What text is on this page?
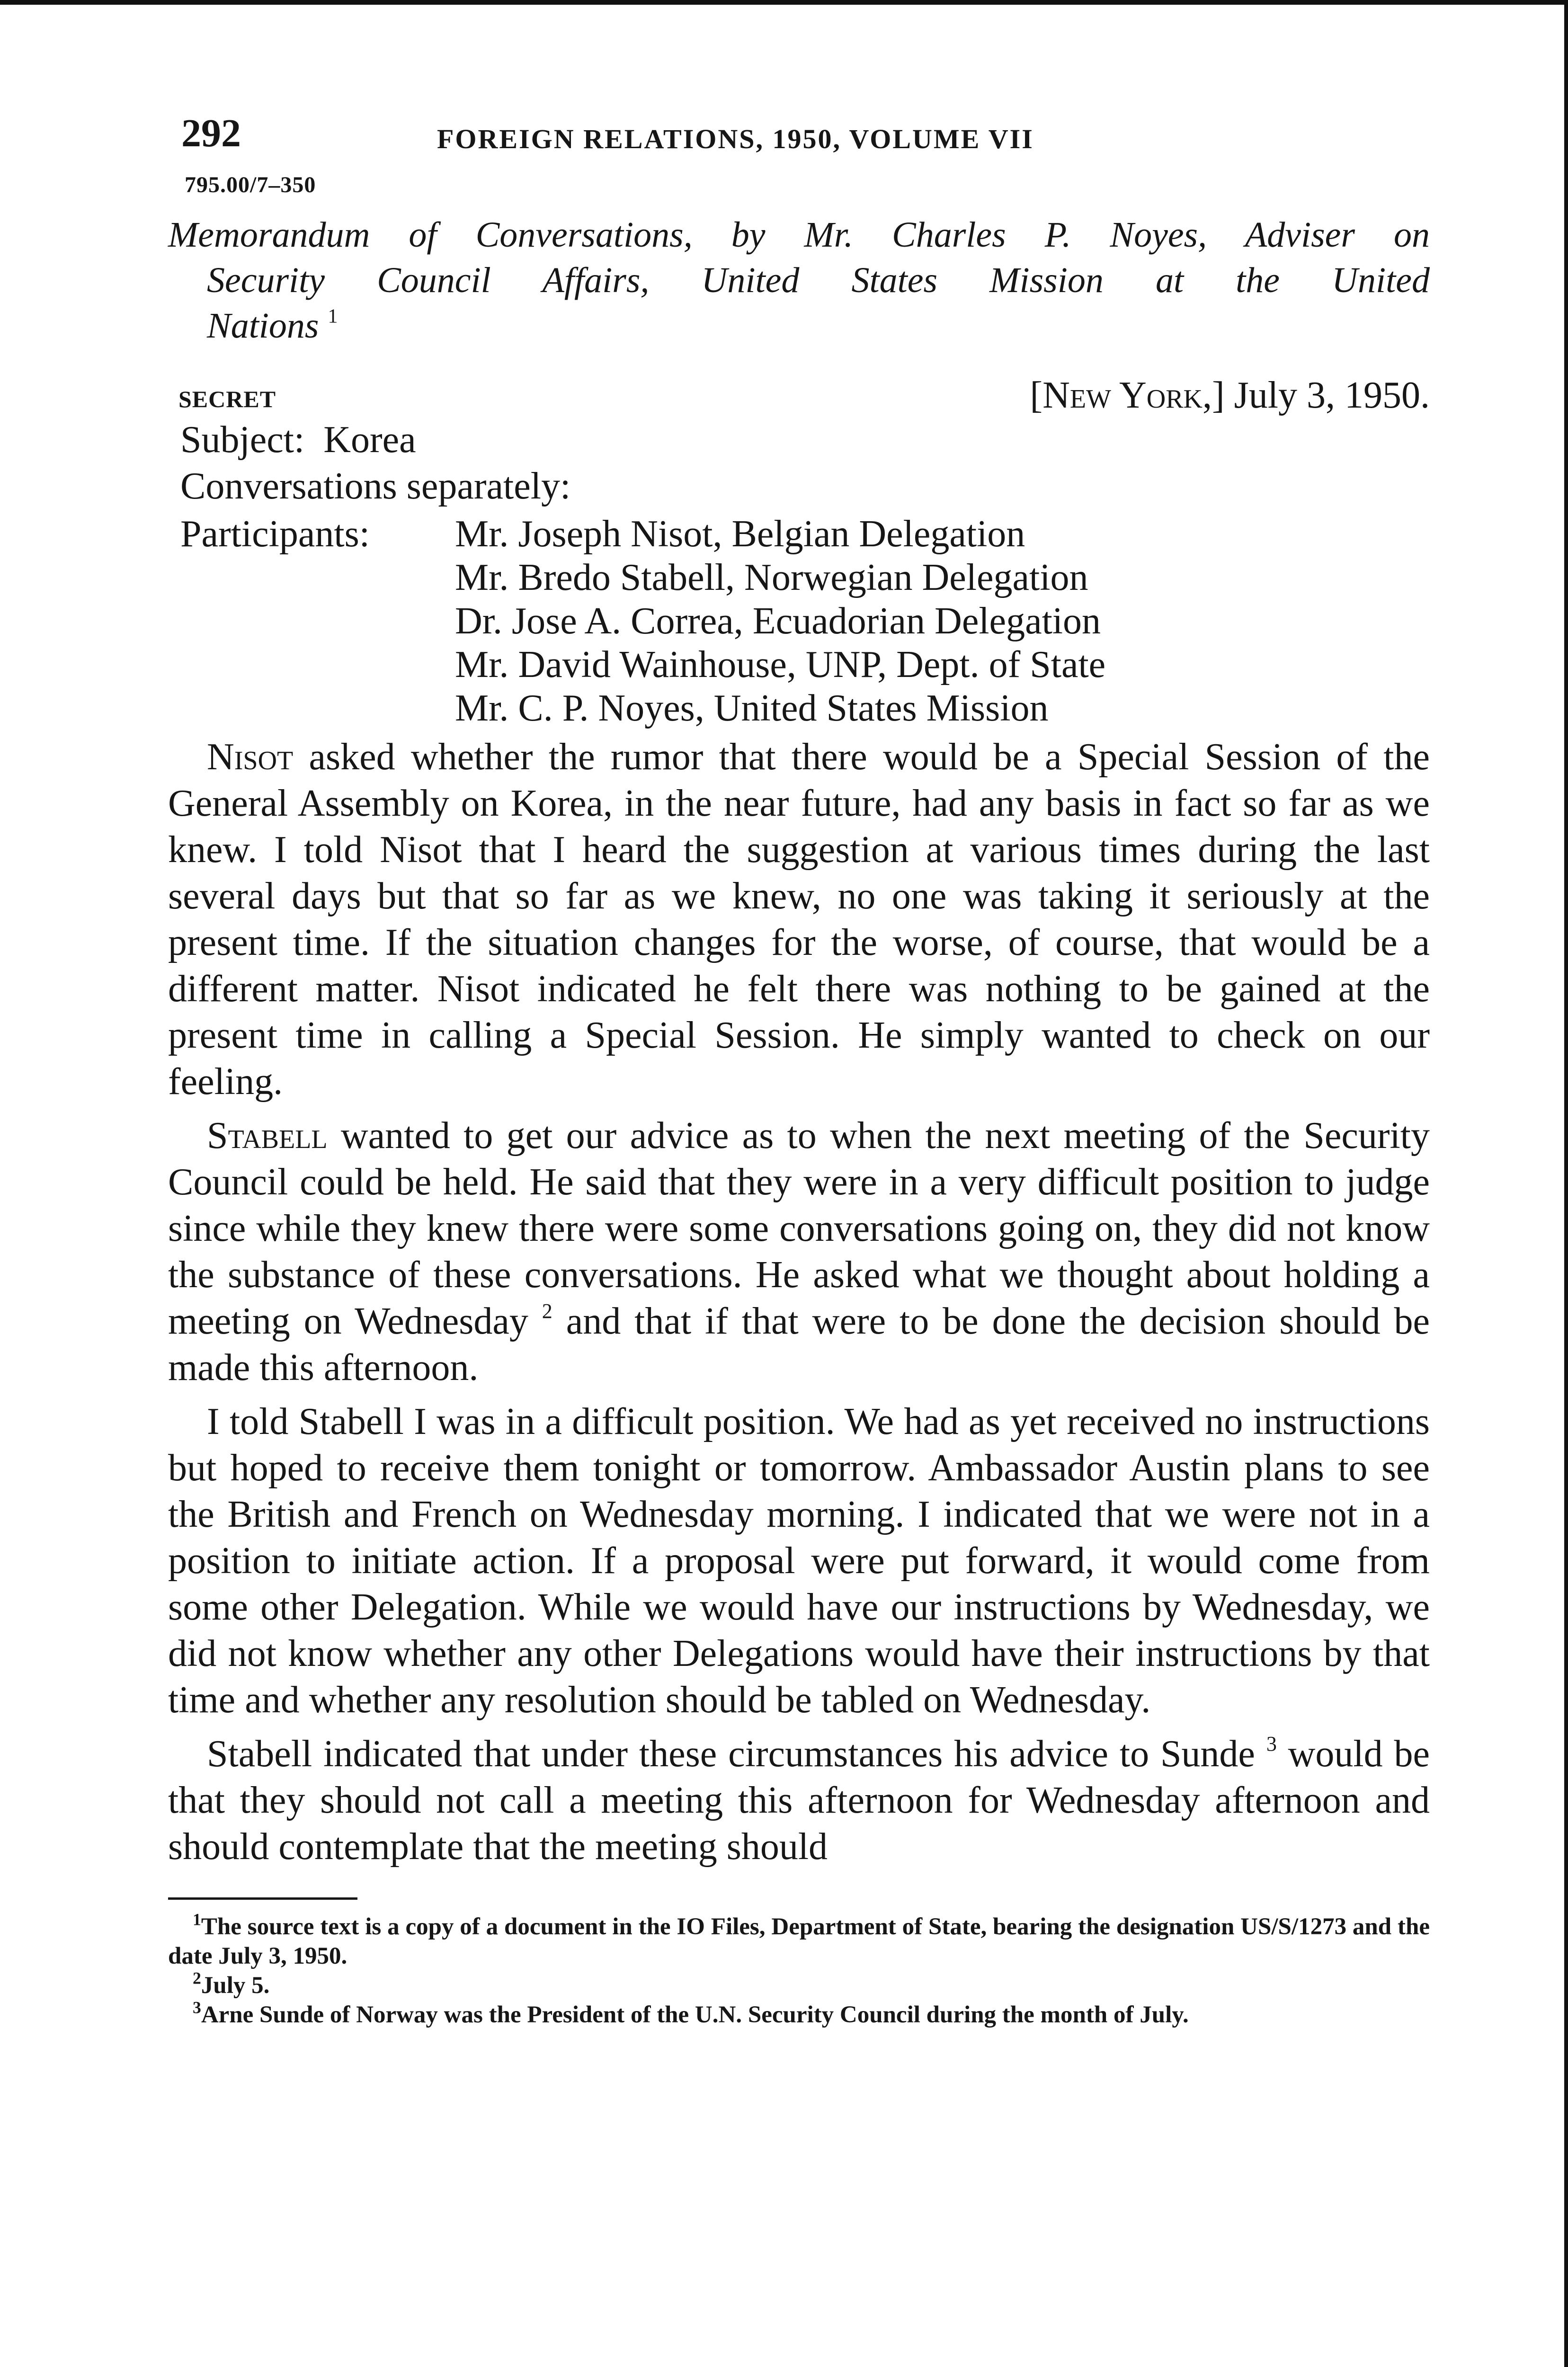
292	FOREIGN RELATIONS, 1950, VOLUME VII
795.00/7–350
Memorandum of Conversations, by Mr. Charles P. Noyes, Adviser on
Security Council Affairs, United States Mission at the United
Nations $^1$
SECRET	[New York,] July 3, 1950.
Subject: Korea
Conversations separately:
Participants:	Mr. Joseph Nisot, Belgian Delegation
Mr. Bredo Stabell, Norwegian Delegation
Dr. Jose A. Correa, Ecuadorian Delegation
Mr. David Wainhouse, UNP, Dept. of State
Mr. C. P. Noyes, United States Mission

Nisot asked whether the rumor that there would be a Special Session of the General Assembly on Korea, in the near future, had any basis in fact so far as we knew. I told Nisot that I heard the suggestion at various times during the last several days but that so far as we knew, no one was taking it seriously at the present time. If the situation changes for the worse, of course, that would be a different matter. Nisot indicated he felt there was nothing to be gained at the present time in calling a Special Session. He simply wanted to check on our feeling.

Stabell wanted to get our advice as to when the next meeting of the Security Council could be held. He said that they were in a very difficult position to judge since while they knew there were some conversations going on, they did not know the substance of these conversations. He asked what we thought about holding a meeting on Wednesday $^2$ and that if that were to be done the decision should be made this afternoon.

I told Stabell I was in a difficult position. We had as yet received no instructions but hoped to receive them tonight or tomorrow. Ambassador Austin plans to see the British and French on Wednesday morning. I indicated that we were not in a position to initiate action. If a proposal were put forward, it would come from some other Delegation. While we would have our instructions by Wednesday, we did not know whether any other Delegations would have their instructions by that time and whether any resolution should be tabled on Wednesday.

Stabell indicated that under these circumstances his advice to Sunde $^3$ would be that they should not call a meeting this afternoon for Wednesday afternoon and should contemplate that the meeting should

$^1$The source text is a copy of a document in the IO Files, Department of State, bearing the designation US/S/1273 and the date July 3, 1950.

$^2$July 5.

$^3$Arne Sunde of Norway was the President of the U.N. Security Council during the month of July.
